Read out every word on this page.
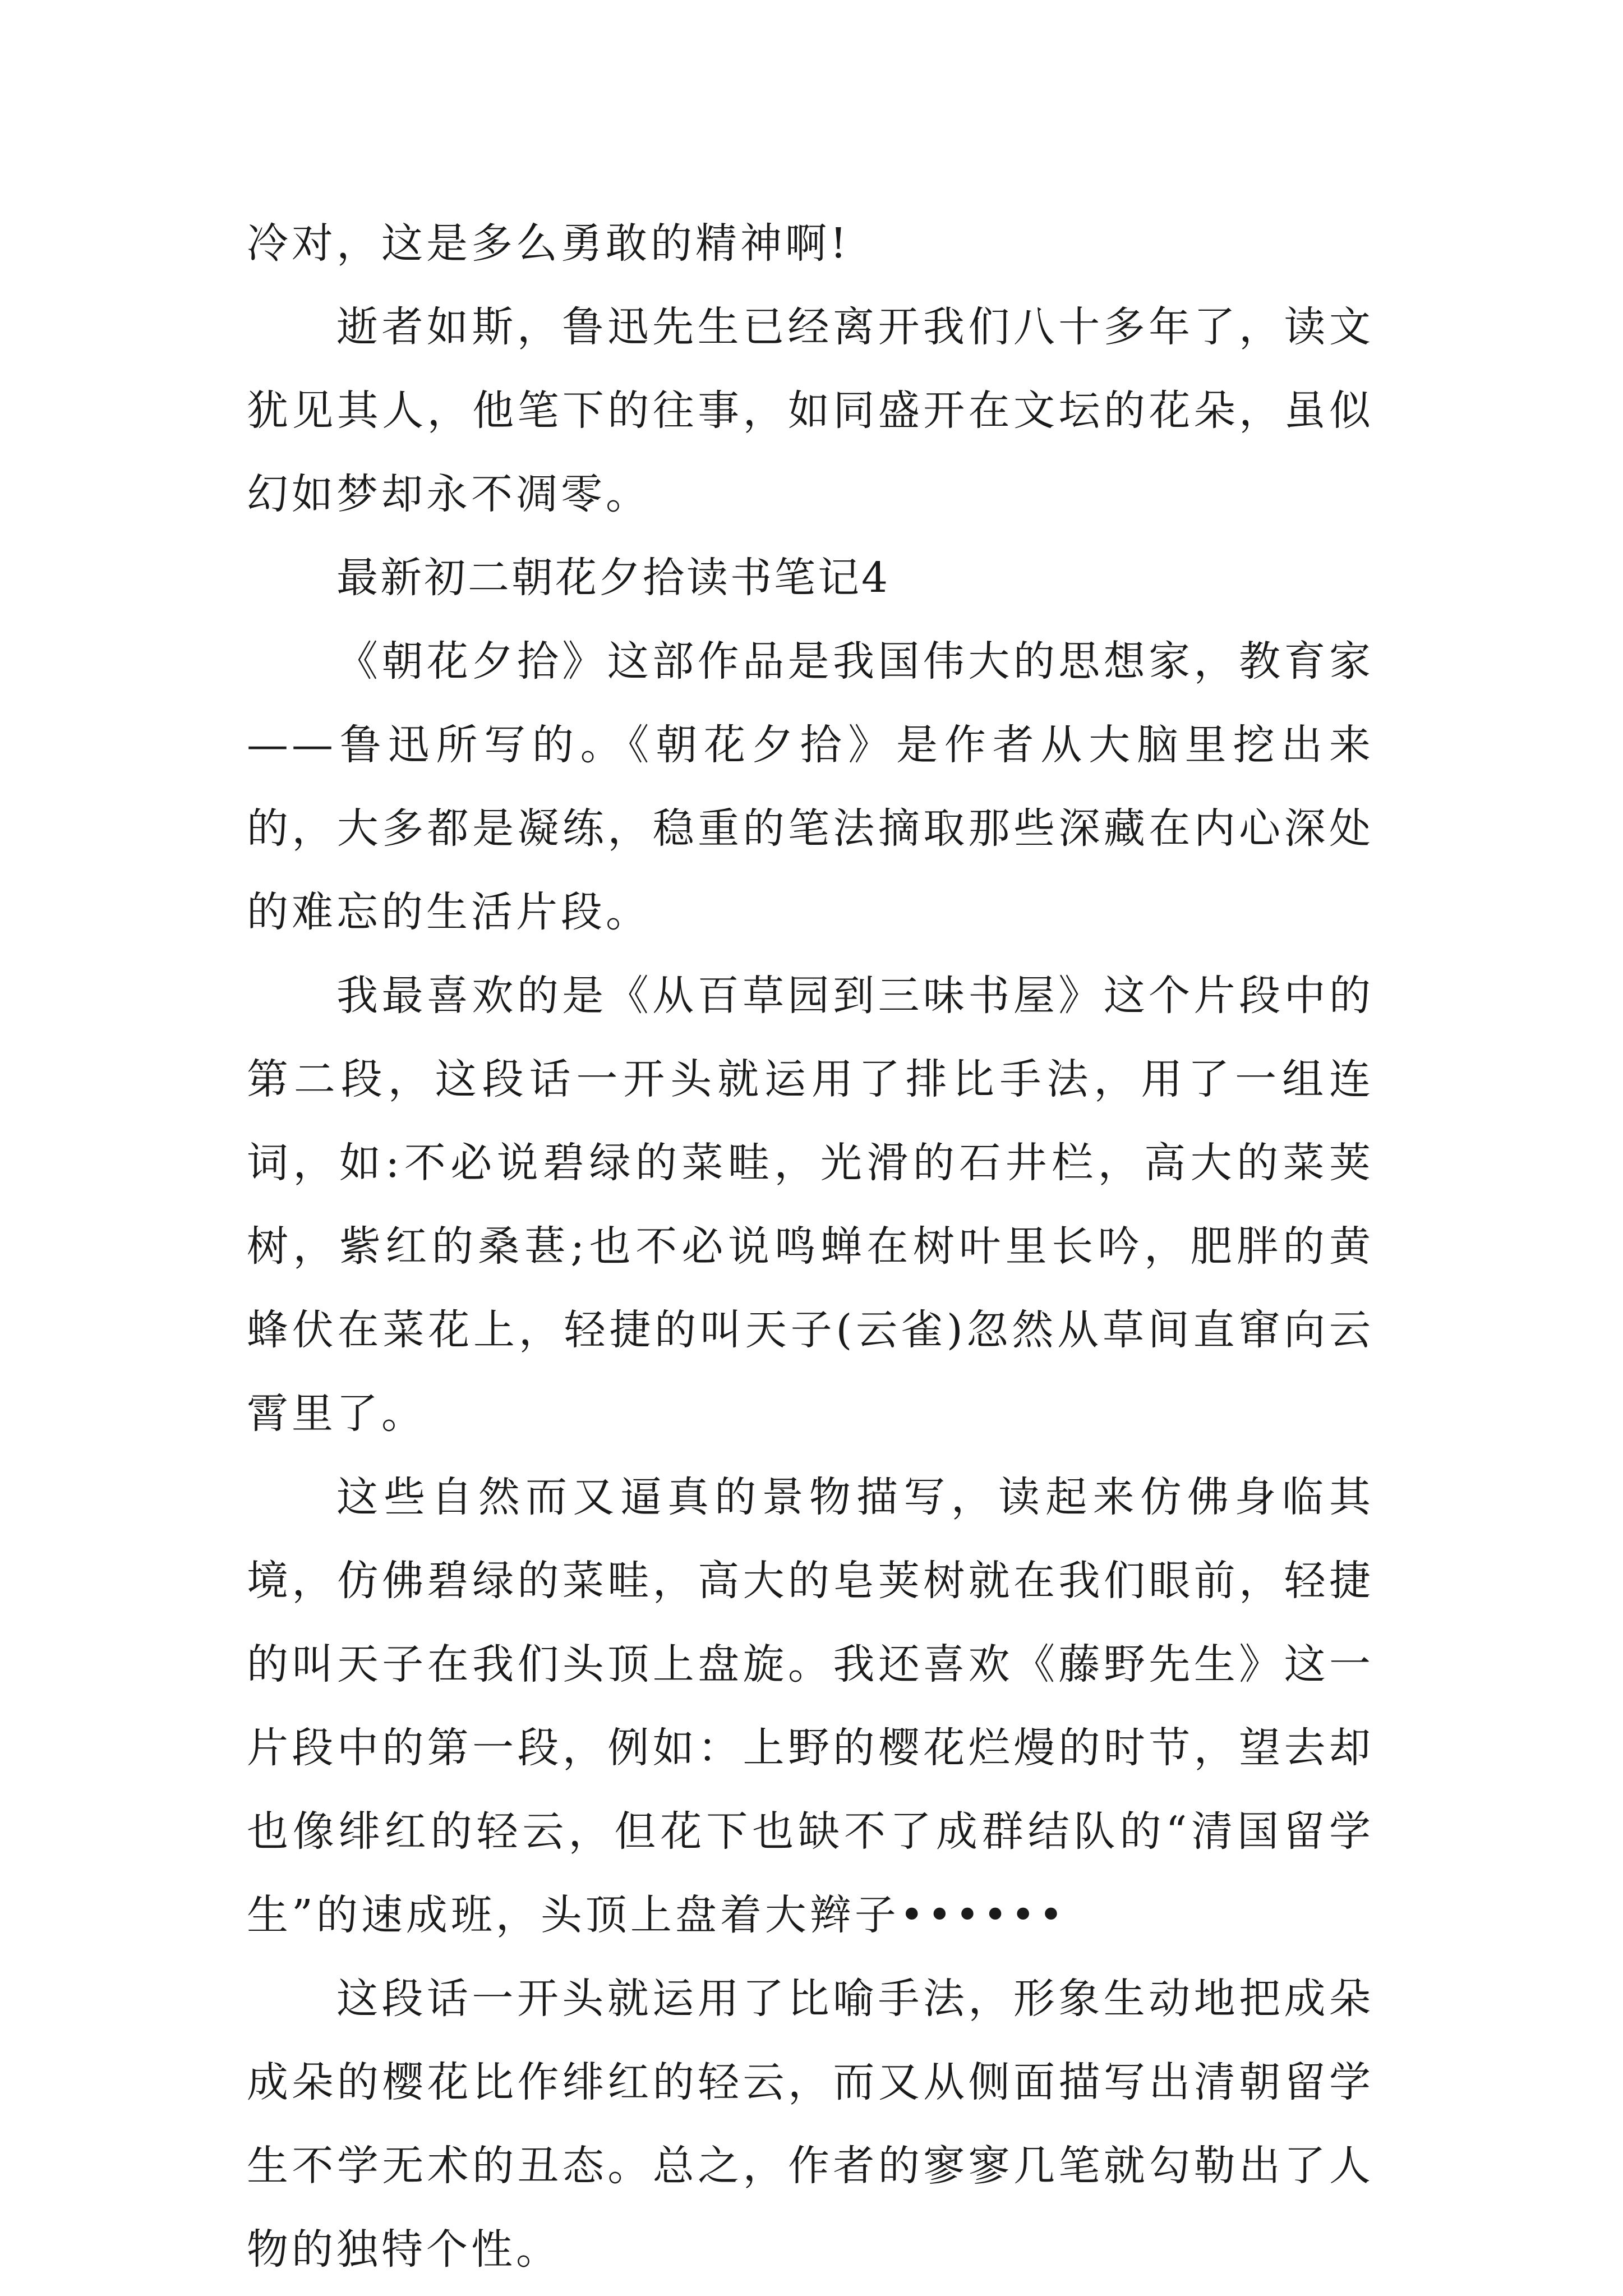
冷对，这是多么勇敢的精神啊!

逝者如斯，鲁迅先生已经离开我们八十多年了，读文犹见其人，他笔下的往事，如同盛开在文坛的花朵，虽似幻如梦却永不凋零。

最新初二朝花夕拾读书笔记4

《朝花夕拾》这部作品是我国伟大的思想家，教育家——鲁迅所写的。《朝花夕拾》是作者从大脑里挖出来的，大多都是凝练，稳重的笔法摘取那些深藏在内心深处的难忘的生活片段。

我最喜欢的是《从百草园到三味书屋》这个片段中的第二段，这段话一开头就运用了排比手法，用了一组连词，如:不必说碧绿的菜畦，光滑的石井栏，高大的菜荚树，紫红的桑葚;也不必说鸣蝉在树叶里长吟，肥胖的黄蜂伏在菜花上，轻捷的叫天子(云雀)忽然从草间直窜向云霄里了。

这些自然而又逼真的景物描写，读起来仿佛身临其境，仿佛碧绿的菜畦，高大的皂荚树就在我们眼前，轻捷的叫天子在我们头顶上盘旋。我还喜欢《藤野先生》这一片段中的第一段，例如：上野的樱花烂熳的时节，望去却也像绯红的轻云，但花下也缺不了成群结队的“清国留学生”的速成班，头顶上盘着大辫子••••••

这段话一开头就运用了比喻手法，形象生动地把成朵成朵的樱花比作绯红的轻云，而又从侧面描写出清朝留学生不学无术的丑态。总之，作者的寥寥几笔就勾勒出了人物的独特个性。
